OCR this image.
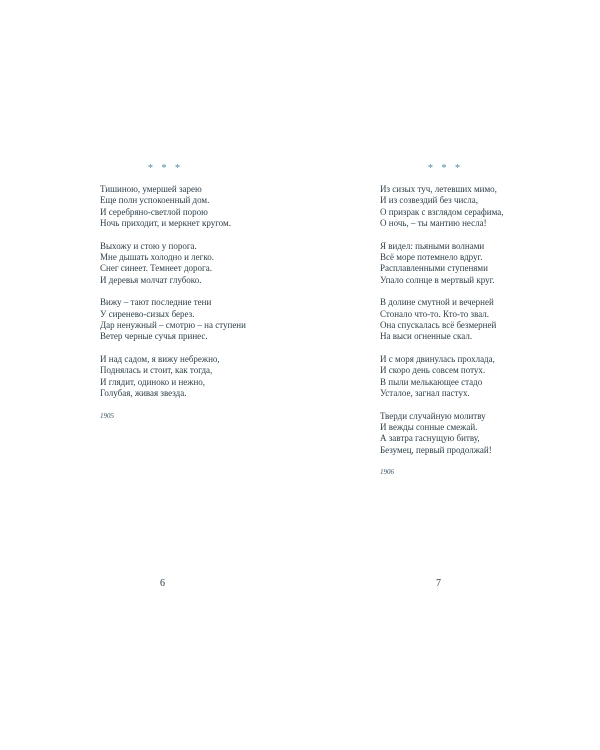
* * *
Тишиною, умершей зарею
Еще полн успокоенный дом.
И серебряно-светлой порою
Ночь приходит, и меркнет кругом.
Выхожу и стою у порога.
Мне дышать холодно и легко.
Снег синеет. Темнеет дорога.
И деревья молчат глубоко.
Вижу – тают последние тени
У сиренево-сизых берез.
Дар ненужный – смотрю – на ступени
Ветер черные сучья принес.
И над садом, я вижу небрежно,
Поднялась и стоит, как тогда,
И глядит, одиноко и нежно,
Голубая, живая звезда.
1905
6
* * *
Из сизых туч, летевших мимо,
И из созвездий без числа,
О призрак с взглядом серафима,
О ночь, – ты мантию несла!
Я видел: пьяными волнами
Всё море потемнело вдруг.
Расплавленными ступенями
Упало солнце в мертвый круг.
В долине смутной и вечерней
Стонало что-то. Кто-то звал.
Она спускалась всё безмерней
На выси огненные скал.
И с моря двинулась прохлада,
И скоро день совсем потух.
В пыли мелькающее стадо
Усталое, загнал пастух.
Тверди случайную молитву
И вежды сонные смежай.
А завтра гаснущую битву,
Безумец, первый продолжай!
1906
7
